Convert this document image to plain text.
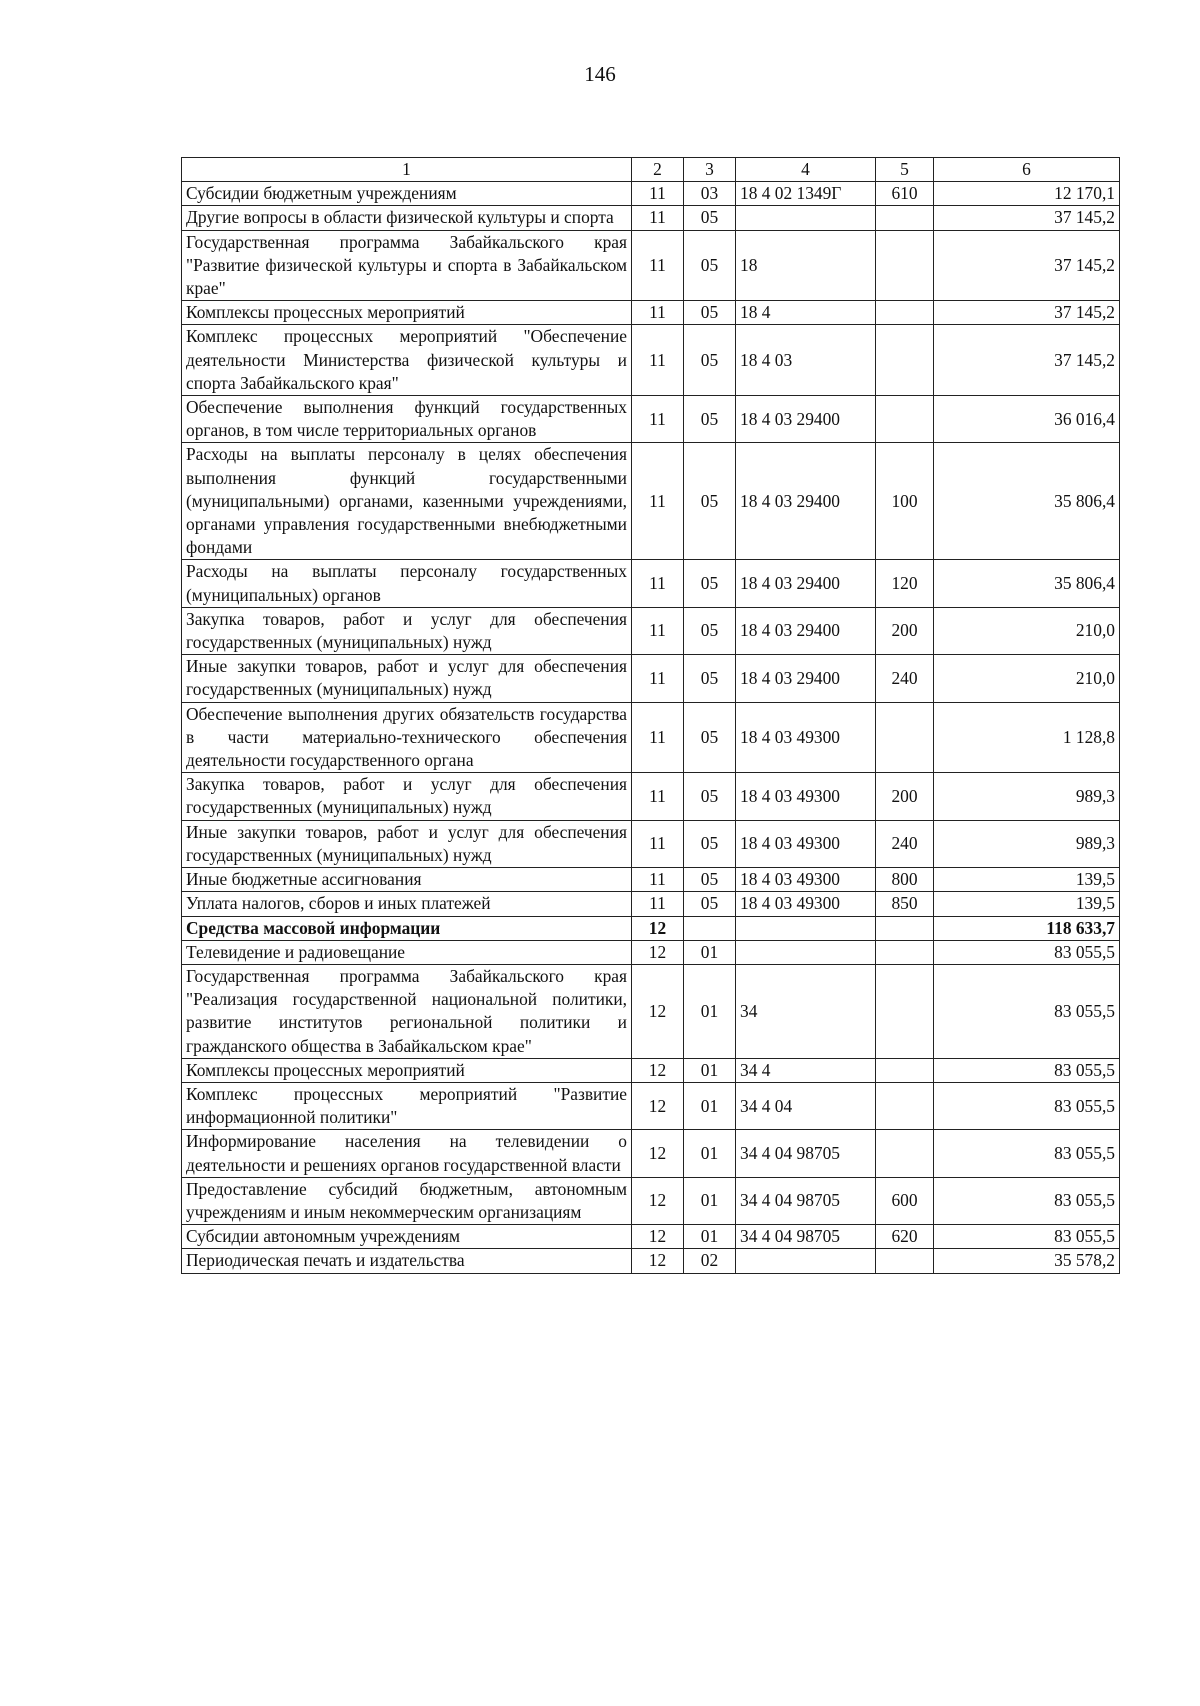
146
1	2	3	4	5	6
Субсидии бюджетным учреждениям	11	03	18 4 02 1349Г	610	12 170,1
Другие вопросы в области физической культуры и спорта	11	05			37 145,2
Государственная программа Забайкальского края "Развитие физической культуры и спорта в Забайкальском крае"	11	05	18		37 145,2
Комплексы процессных мероприятий	11	05	18 4		37 145,2
Комплекс процессных мероприятий "Обеспечение деятельности Министерства физической культуры и спорта Забайкальского края"	11	05	18 4 03		37 145,2
Обеспечение выполнения функций государственных органов, в том числе территориальных органов	11	05	18 4 03 29400		36 016,4
Расходы на выплаты персоналу в целях обеспечения выполнения функций государственными (муниципальными) органами, казенными учреждениями, органами управления государственными внебюджетными фондами	11	05	18 4 03 29400	100	35 806,4
Расходы на выплаты персоналу государственных (муниципальных) органов	11	05	18 4 03 29400	120	35 806,4
Закупка товаров, работ и услуг для обеспечения государственных (муниципальных) нужд	11	05	18 4 03 29400	200	210,0
Иные закупки товаров, работ и услуг для обеспечения государственных (муниципальных) нужд	11	05	18 4 03 29400	240	210,0
Обеспечение выполнения других обязательств государства в части материально-технического обеспечения деятельности государственного органа	11	05	18 4 03 49300		1 128,8
Закупка товаров, работ и услуг для обеспечения государственных (муниципальных) нужд	11	05	18 4 03 49300	200	989,3
Иные закупки товаров, работ и услуг для обеспечения государственных (муниципальных) нужд	11	05	18 4 03 49300	240	989,3
Иные бюджетные ассигнования	11	05	18 4 03 49300	800	139,5
Уплата налогов, сборов и иных платежей	11	05	18 4 03 49300	850	139,5
Средства массовой информации	12				118 633,7
Телевидение и радиовещание	12	01			83 055,5
Государственная программа Забайкальского края "Реализация государственной национальной политики, развитие институтов региональной политики и гражданского общества в Забайкальском крае"	12	01	34		83 055,5
Комплексы процессных мероприятий	12	01	34 4		83 055,5
Комплекс процессных мероприятий "Развитие информационной политики"	12	01	34 4 04		83 055,5
Информирование населения на телевидении о деятельности и решениях органов государственной власти	12	01	34 4 04 98705		83 055,5
Предоставление субсидий бюджетным, автономным учреждениям и иным некоммерческим организациям	12	01	34 4 04 98705	600	83 055,5
Субсидии автономным учреждениям	12	01	34 4 04 98705	620	83 055,5
Периодическая печать и издательства	12	02			35 578,2
